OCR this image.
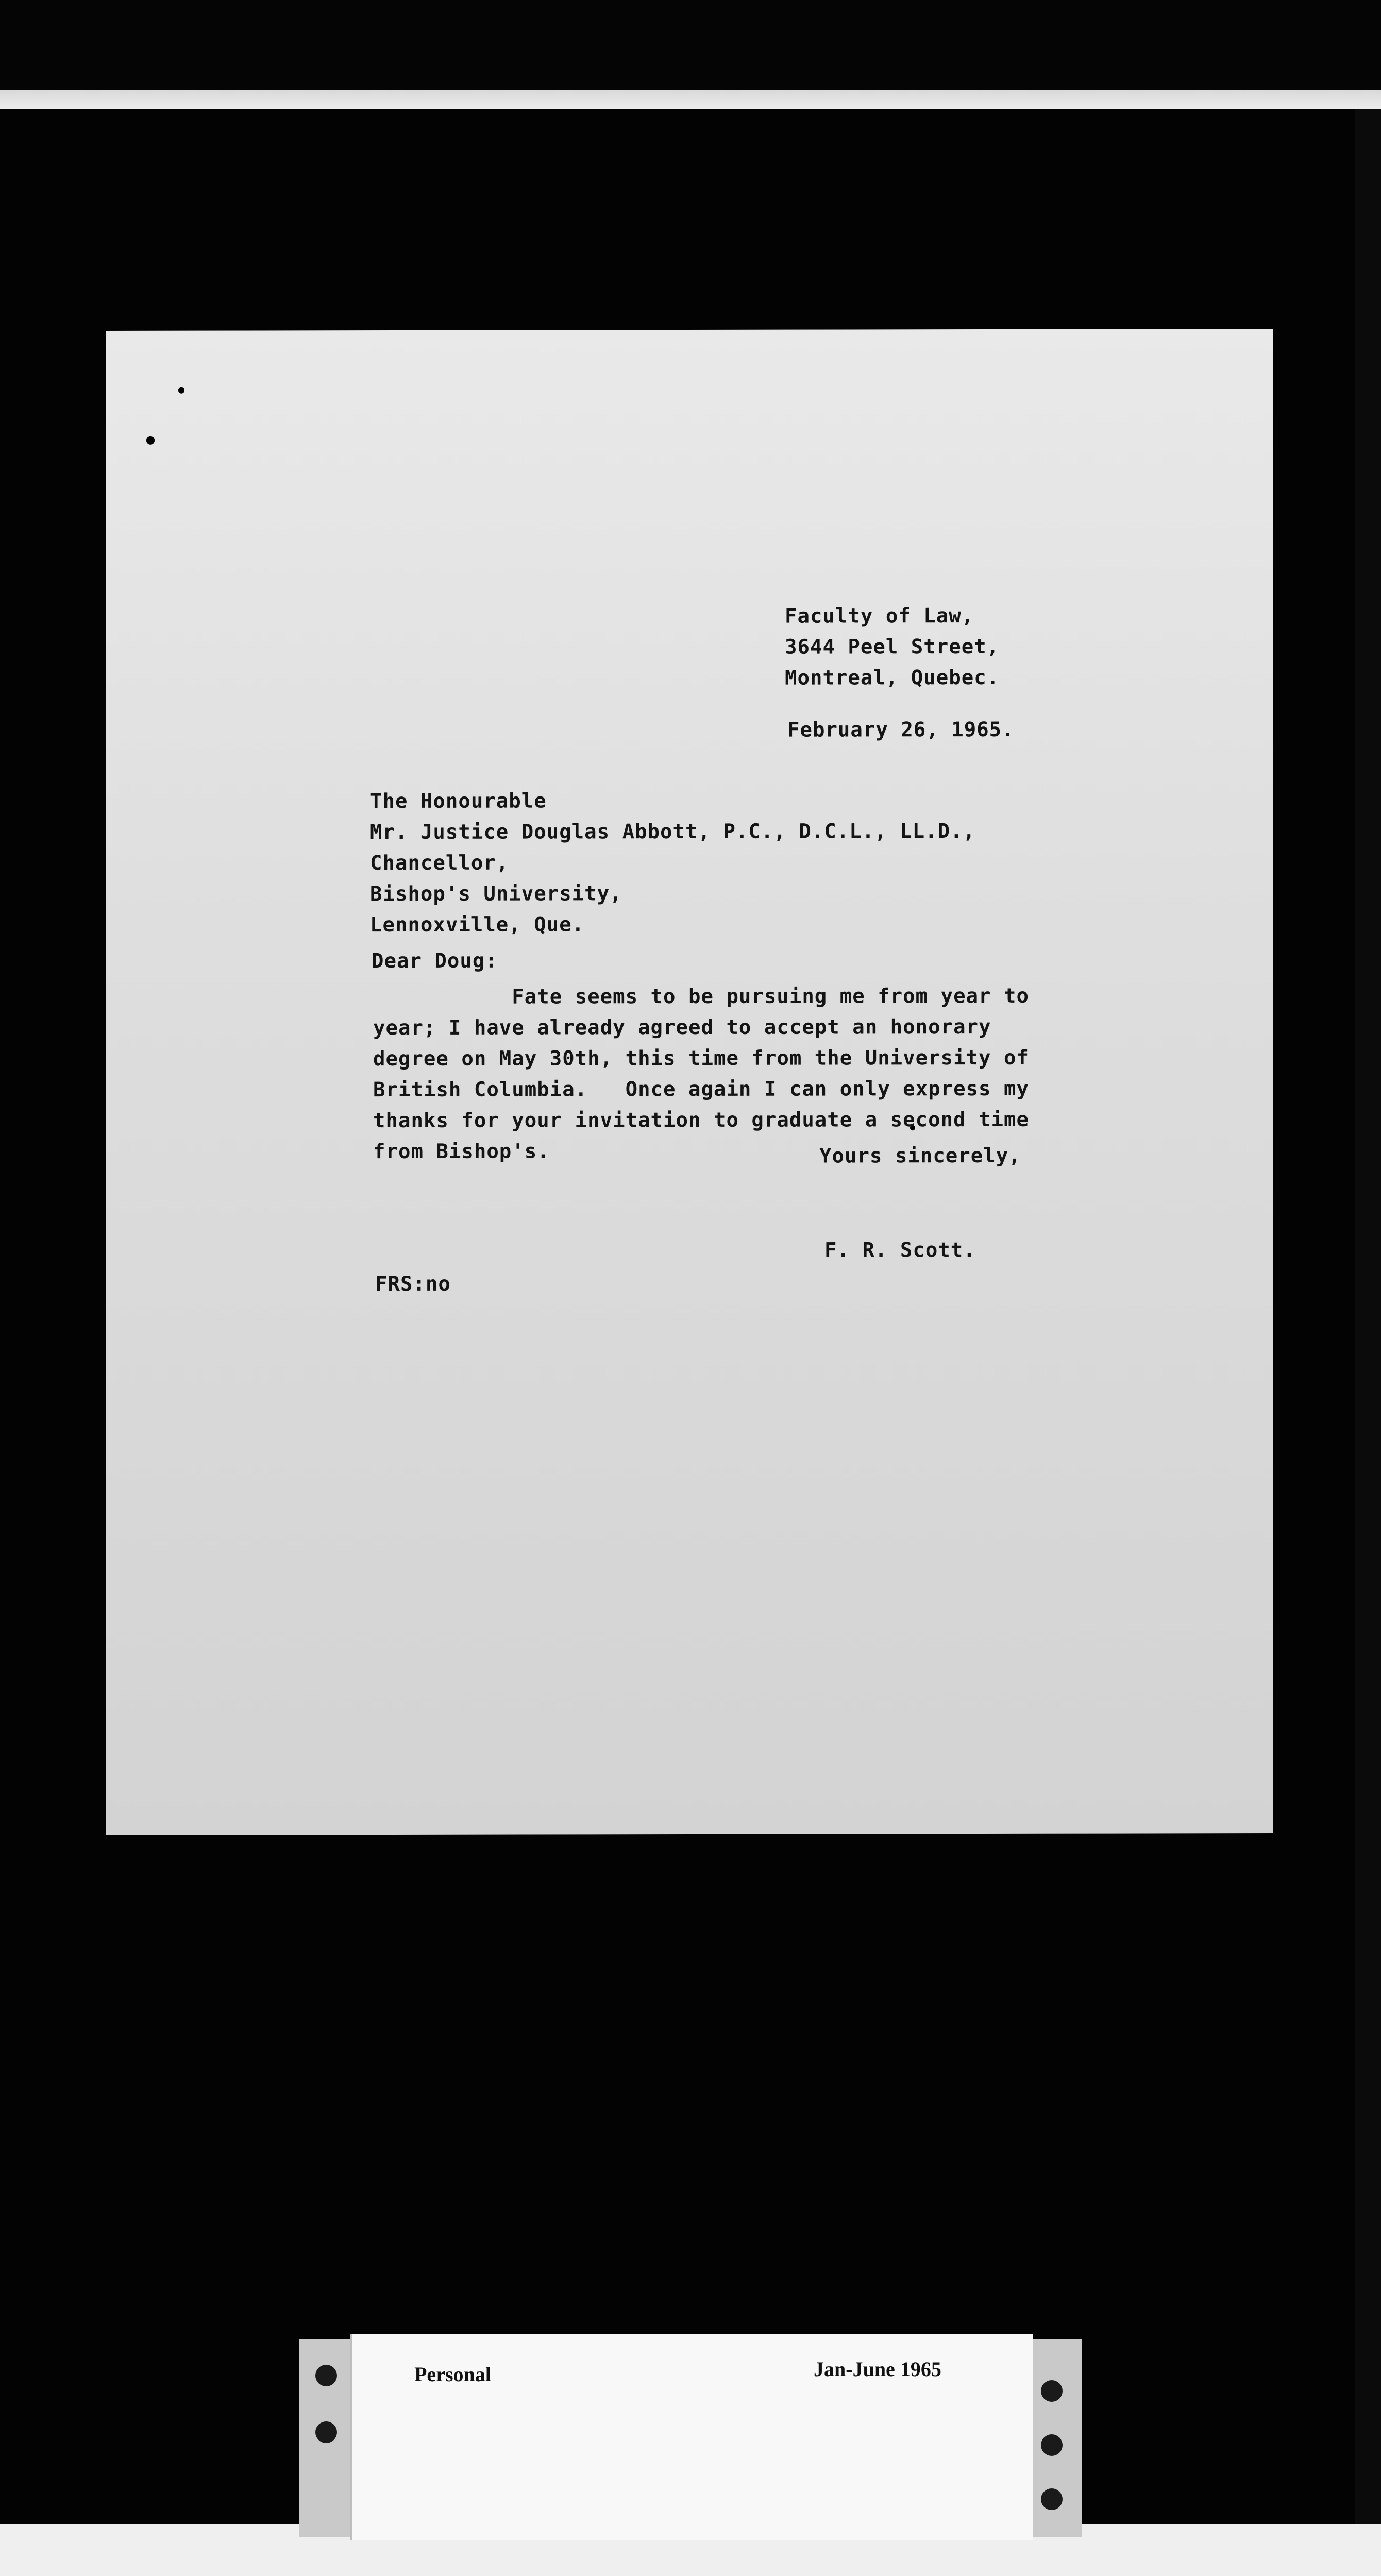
Faculty of Law,
3644 Peel Street,
Montreal, Quebec.
February 26, 1965.
The Honourable
Mr. Justice Douglas Abbott, P.C., D.C.L., LL.D.,
Chancellor,
Bishop's University,
Lennoxville, Que.
Dear Doug:
Fate seems to be pursuing me from year to
year; I have already agreed to accept an honorary
degree on May 30th, this time from the University of
British Columbia.   Once again I can only express my
thanks for your invitation to graduate a second time
from Bishop's.	Yours sincerely,
F. R. Scott.
FRS:no
Personal	Jan-June 1965
